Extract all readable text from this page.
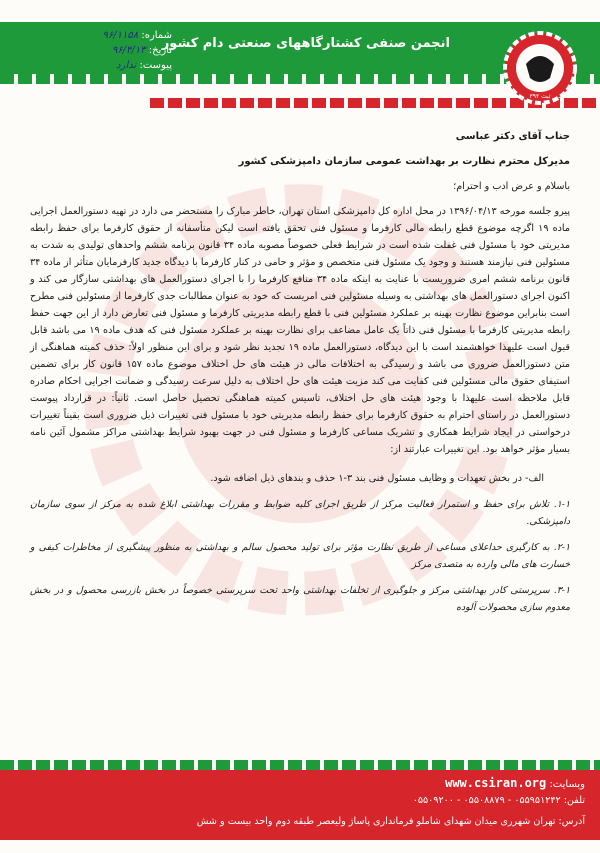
انجمن صنفی کشتارگاههای صنعتی دام کشور
شماره: ۹۶/۱۱۵۸
تاریخ: ۹۶/۴/۱۳
پیوست: ندارد
ثبت ۳۹۲

جناب آقای دکتر عباسی

مدیرکل محترم نظارت بر بهداشت عمومی سازمان دامپزشکی کشور

باسلام و عرض ادب و احترام؛

پیرو جلسه مورخه ۱۳۹۶/۰۴/۱۳ در محل اداره کل دامپزشکی استان تهران، خاطر مبارک را مستحضر می دارد در تهیه دستورالعمل اجرایی ماده ۱۹ اگرچه موضوع قطع رابطه مالی کارفرما و مسئول فنی تحقق یافته است لیکن متأسفانه از حقوق کارفرما برای حفظ رابطه مدیریتی خود با مسئول فنی غفلت شده است در شرایط فعلی خصوصاً مصوبه ماده ۳۴ قانون برنامه ششم واحدهای تولیدی به شدت به مسئولین فنی نیازمند هستند و وجود یک مسئول فنی متخصص و مؤثر و حامی در کنار کارفرما با دیدگاه جدید کارفرمایان متأثر از ماده ۳۴ قانون برنامه ششم امری ضروریست با عنایت به اینکه ماده ۳۴ منافع کارفرما را با اجرای دستورالعمل های بهداشتی سازگار می کند و اکنون اجرای دستورالعمل های بهداشتی به وسیله مسئولین فنی امریست که خود به عنوان مطالبات جدی کارفرما از مسئولین فنی مطرح است بنابراین موضوع نظارت بهینه بر عملکرد مسئولین فنی با قطع رابطه مدیریتی کارفرما و مسئول فنی تعارض دارد از این جهت حفظ رابطه مدیریتی کارفرما با مسئول فنی ذاتاً یک عامل مضاعف برای نظارت بهینه بر عملکرد مسئول فنی که هدف ماده ۱۹ می باشد قابل قبول است علیهذا خواهشمند است با این دیدگاه، دستورالعمل ماده ۱۹ تجدید نظر شود و برای این منظور اولاً: حذف کمیته هماهنگی از متن دستورالعمل ضروری می باشد و رسیدگی به اختلافات مالی در هیئت های حل اختلاف موضوع ماده ۱۵۷ قانون کار برای تضمین استیفای حقوق مالی مسئولین فنی کفایت می کند مزیت هیئت های حل اختلاف به دلیل سرعت رسیدگی و ضمانت اجرایی احکام صادره قابل ملاحظه است علیهذا با وجود هیئت های حل اختلاف، تاسیس کمیته هماهنگی تحصیل حاصل است. ثانیاً: در قرارداد پیوست دستورالعمل در راستای احترام به حقوق کارفرما برای حفظ رابطه مدیریتی خود با مسئول فنی تغییرات ذیل ضروری است بقیناً تغییرات درخواستی در ایجاد شرایط همکاری و تشریک مساعی کارفرما و مسئول فنی در جهت بهبود شرایط بهداشتی مراکز مشمول آئین نامه بسیار مؤثر خواهد بود. این تغییرات عبارتند از:

الف- در بخش تعهدات و وظایف مسئول فنی بند ۳-۱ حذف و بندهای ذیل اضافه شود.

۱-۱. تلاش برای حفظ و استمرار فعالیت مرکز از طریق اجرای کلیه ضوابط و مقررات بهداشتی ابلاغ شده به مرکز از سوی سازمان دامپزشکی.

۲-۱. به کارگیری حداعلای مساعی از طریق نظارت مؤثر برای تولید محصول سالم و بهداشتی به منظور پیشگیری از مخاطرات کیفی و خسارت های مالی وارده به متصدی مرکز

۳-۱. سرپرستی کادر بهداشتی مرکز و جلوگیری از تخلفات بهداشتی واحد تحت سرپرستی خصوصاً در بخش بازرسی محصول و در بخش معدوم سازی محصولات آلوده

وبسایت: www.csiran.org
تلفن: ۰۵۵۹۵۱۲۴۲ - ۰۵۵۰۸۸۷۹ - ۰۵۵۰۹۲۰۰
آدرس: تهران شهرری میدان شهدای شاملو فرمانداری پاساژ ولیعصر طبقه دوم واحد بیست و شش
